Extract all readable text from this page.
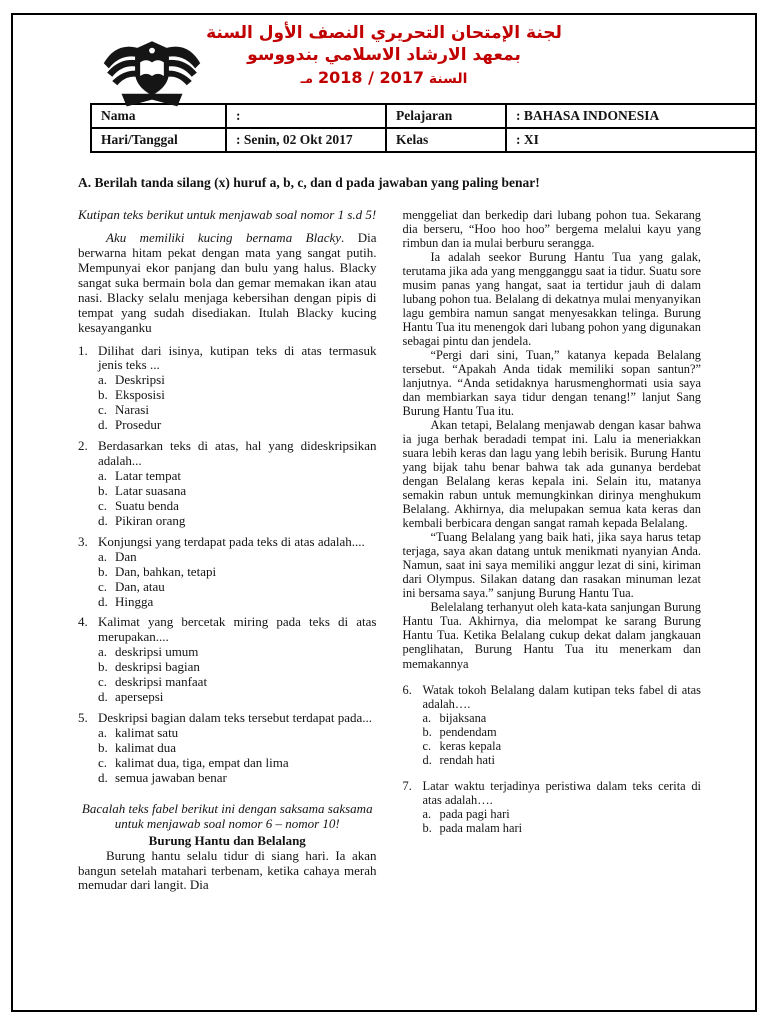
لجنة الإمتحان التحريري النصف الأول السنة
بمعهد الارشاد الاسلامي بندووسو
السنة 2017 / 2018 مـ
Nama	:	Pelajaran	: BAHASA INDONESIA
Hari/Tanggal	: Senin, 02 Okt 2017	Kelas	: XI
A. Berilah tanda silang (x) huruf a, b, c, dan d pada jawaban yang paling benar!

Kutipan teks berikut untuk menjawab soal nomor 1 s.d 5!

Aku memiliki kucing bernama Blacky. Dia berwarna hitam pekat dengan mata yang sangat putih. Mempunyai ekor panjang dan bulu yang halus. Blacky sangat suka bermain bola dan gemar memakan ikan atau nasi. Blacky selalu menjaga kebersihan dengan pipis di tempat yang sudah disediakan. Itulah Blacky kucing kesayanganku

1. Dilihat dari isinya, kutipan teks di atas termasuk jenis teks ...
a. Deskripsi
b. Eksposisi
c. Narasi
d. Prosedur
2. Berdasarkan teks di atas, hal yang dideskripsikan adalah...
a. Latar tempat
b. Latar suasana
c. Suatu benda
d. Pikiran orang
3. Konjungsi yang terdapat pada teks di atas adalah....
a. Dan
b. Dan, bahkan, tetapi
c. Dan, atau
d. Hingga
4. Kalimat yang bercetak miring pada teks di atas merupakan....
a. deskripsi umum
b. deskripsi bagian
c. deskripsi manfaat
d. apersepsi
5. Deskripsi bagian dalam teks tersebut terdapat pada...
a. kalimat satu
b. kalimat dua
c. kalimat dua, tiga, empat dan lima
d. semua jawaban benar

Bacalah teks fabel berikut ini dengan saksama saksama untuk menjawab soal nomor 6 – nomor 10!

Burung Hantu dan Belalang

Burung hantu selalu tidur di siang hari. Ia akan bangun setelah matahari terbenam, ketika cahaya merah memudar dari langit. Dia

menggeliat dan berkedip dari lubang pohon tua. Sekarang dia berseru, “Hoo hoo hoo” bergema melalui kayu yang rimbun dan ia mulai berburu serangga.

Ia adalah seekor Burung Hantu Tua yang galak, terutama jika ada yang mengganggu saat ia tidur. Suatu sore musim panas yang hangat, saat ia tertidur jauh di dalam lubang pohon tua. Belalang di dekatnya mulai menyanyikan lagu gembira namun sangat menyesakkan telinga. Burung Hantu Tua itu menengok dari lubang pohon yang digunakan sebagai pintu dan jendela.

“Pergi dari sini, Tuan,” katanya kepada Belalang tersebut. “Apakah Anda tidak memiliki sopan santun?” lanjutnya. “Anda setidaknya harusmenghormati usia saya dan membiarkan saya tidur dengan tenang!” lanjut Sang Burung Hantu Tua itu.

Akan tetapi, Belalang menjawab dengan kasar bahwa ia juga berhak beradadi tempat ini. Lalu ia meneriakkan suara lebih keras dan lagu yang lebih berisik. Burung Hantu yang bijak tahu benar bahwa tak ada gunanya berdebat dengan Belalang keras kepala ini. Selain itu, matanya semakin rabun untuk memungkinkan dirinya menghukum Belalang. Akhirnya, dia melupakan semua kata keras dan kembali berbicara dengan sangat ramah kepada Belalang.

“Tuang Belalang yang baik hati, jika saya harus tetap terjaga, saya akan datang untuk menikmati nyanyian Anda. Namun, saat ini saya memiliki anggur lezat di sini, kiriman dari Olympus. Silakan datang dan rasakan minuman lezat ini bersama saya.” sanjung Burung Hantu Tua.

Belelalang terhanyut oleh kata-kata sanjungan Burung Hantu Tua. Akhirnya, dia melompat ke sarang Burung Hantu Tua. Ketika Belalang cukup dekat dalam jangkauan penglihatan, Burung Hantu Tua itu menerkam dan memakannya

6. Watak tokoh Belalang dalam kutipan teks fabel di atas adalah….
a. bijaksana
b. pendendam
c. keras kepala
d. rendah hati
7. Latar waktu terjadinya peristiwa dalam teks cerita di atas adalah….
a. pada pagi hari
b. pada malam hari
